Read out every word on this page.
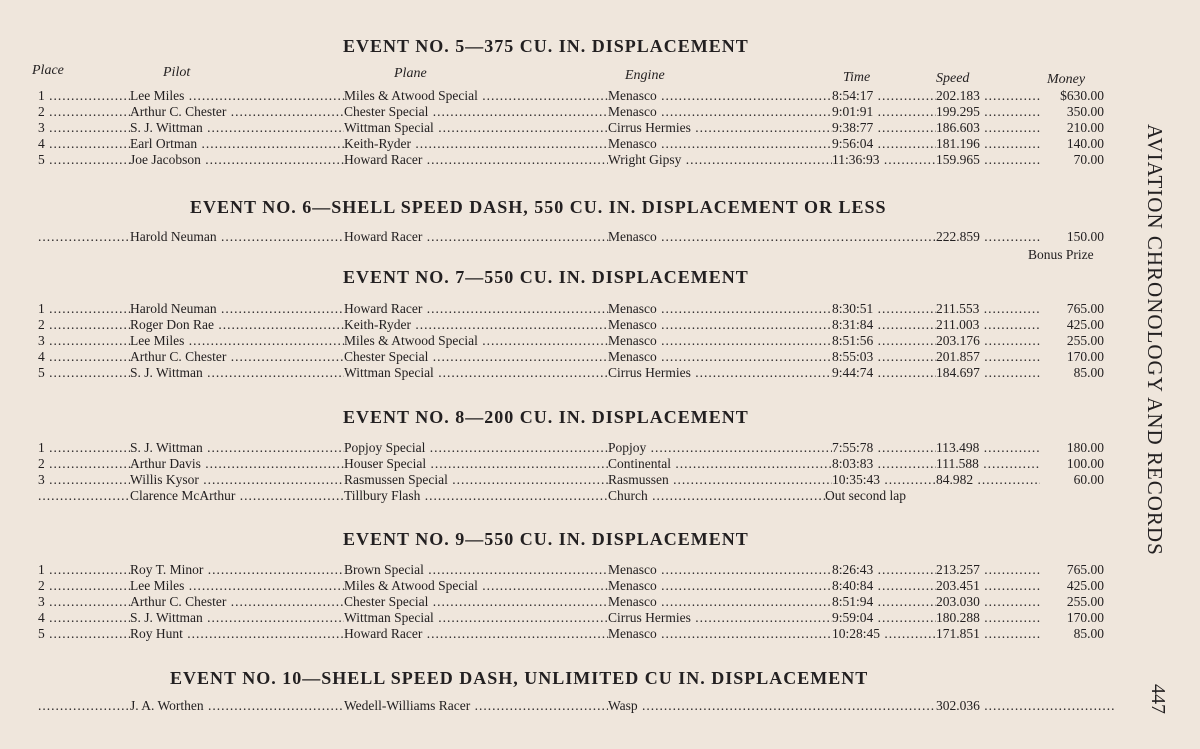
EVENT NO. 5—375 CU. IN. DISPLACEMENT
Place	Pilot	Plane	Engine	Time	Speed	Money
1 .....	Lee Miles .....	Miles & Atwood Special .....	Menasco .....	8:54:17 .....	202.183 .....	$630.00
2 .....	Arthur C. Chester .....	Chester Special .....	Menasco .....	9:01:91 .....	199.295 .....	350.00
3 .....	S. J. Wittman .....	Wittman Special .....	Cirrus Hermies .....	9:38:77 .....	186.603 .....	210.00
4 .....	Earl Ortman .....	Keith-Ryder .....	Menasco .....	9:56:04 .....	181.196 .....	140.00
5 .....	Joe Jacobson .....	Howard Racer .....	Wright Gipsy .....	11:36:93 .....	159.965 .....	70.00
EVENT NO. 6—SHELL SPEED DASH, 550 CU. IN. DISPLACEMENT OR LESS
.....
Harold Neuman .....	Howard Racer .....	Menasco .....
.....	222.859 .....	150.00
Bonus Prize
EVENT NO. 7—550 CU. IN. DISPLACEMENT
1 .....	Harold Neuman .....	Howard Racer .....	Menasco .....	8:30:51 .....	211.553 .....	765.00
2 .....	Roger Don Rae .....	Keith-Ryder .....	Menasco .....	8:31:84 .....	211.003 .....	425.00
3 .....	Lee Miles .....	Miles & Atwood Special .....	Menasco .....	8:51:56 .....	203.176 .....	255.00
4 .....	Arthur C. Chester .....	Chester Special .....	Menasco .....	8:55:03 .....	201.857 .....	170.00
5 .....	S. J. Wittman .....	Wittman Special .....	Cirrus Hermies .....	9:44:74 .....	184.697 .....	85.00
EVENT NO. 8—200 CU. IN. DISPLACEMENT
1 .....	S. J. Wittman .....	Popjoy Special .....	Popjoy .....	7:55:78 .....	113.498 .....	180.00
2 .....	Arthur Davis .....	Houser Special .....	Continental .....	8:03:83 .....	111.588 .....	100.00
3 .....	Willis Kysor .....	Rasmussen Special .....	Rasmussen .....	10:35:43 .....	84.982 .....	60.00
.....
Clarence McArthur .....	Tillbury Flash .....	Church .....	Out second lap
EVENT NO. 9—550 CU. IN. DISPLACEMENT
1 .....	Roy T. Minor .....	Brown Special .....	Menasco .....	8:26:43 .....	213.257 .....	765.00
2 .....	Lee Miles .....	Miles & Atwood Special .....	Menasco .....	8:40:84 .....	203.451 .....	425.00
3 .....	Arthur C. Chester .....	Chester Special .....	Menasco .....	8:51:94 .....	203.030 .....	255.00
4 .....	S. J. Wittman .....	Wittman Special .....	Cirrus Hermies .....	9:59:04 .....	180.288 .....	170.00
5 .....	Roy Hunt .....	Howard Racer .....	Menasco .....	10:28:45 .....	171.851 .....	85.00
EVENT NO. 10—SHELL SPEED DASH, UNLIMITED CU IN. DISPLACEMENT
.....
J. A. Worthen .....	Wedell-Williams Racer .....	Wasp .....	302.036 .....
AVIATION CHRONOLOGY AND RECORDS
447
